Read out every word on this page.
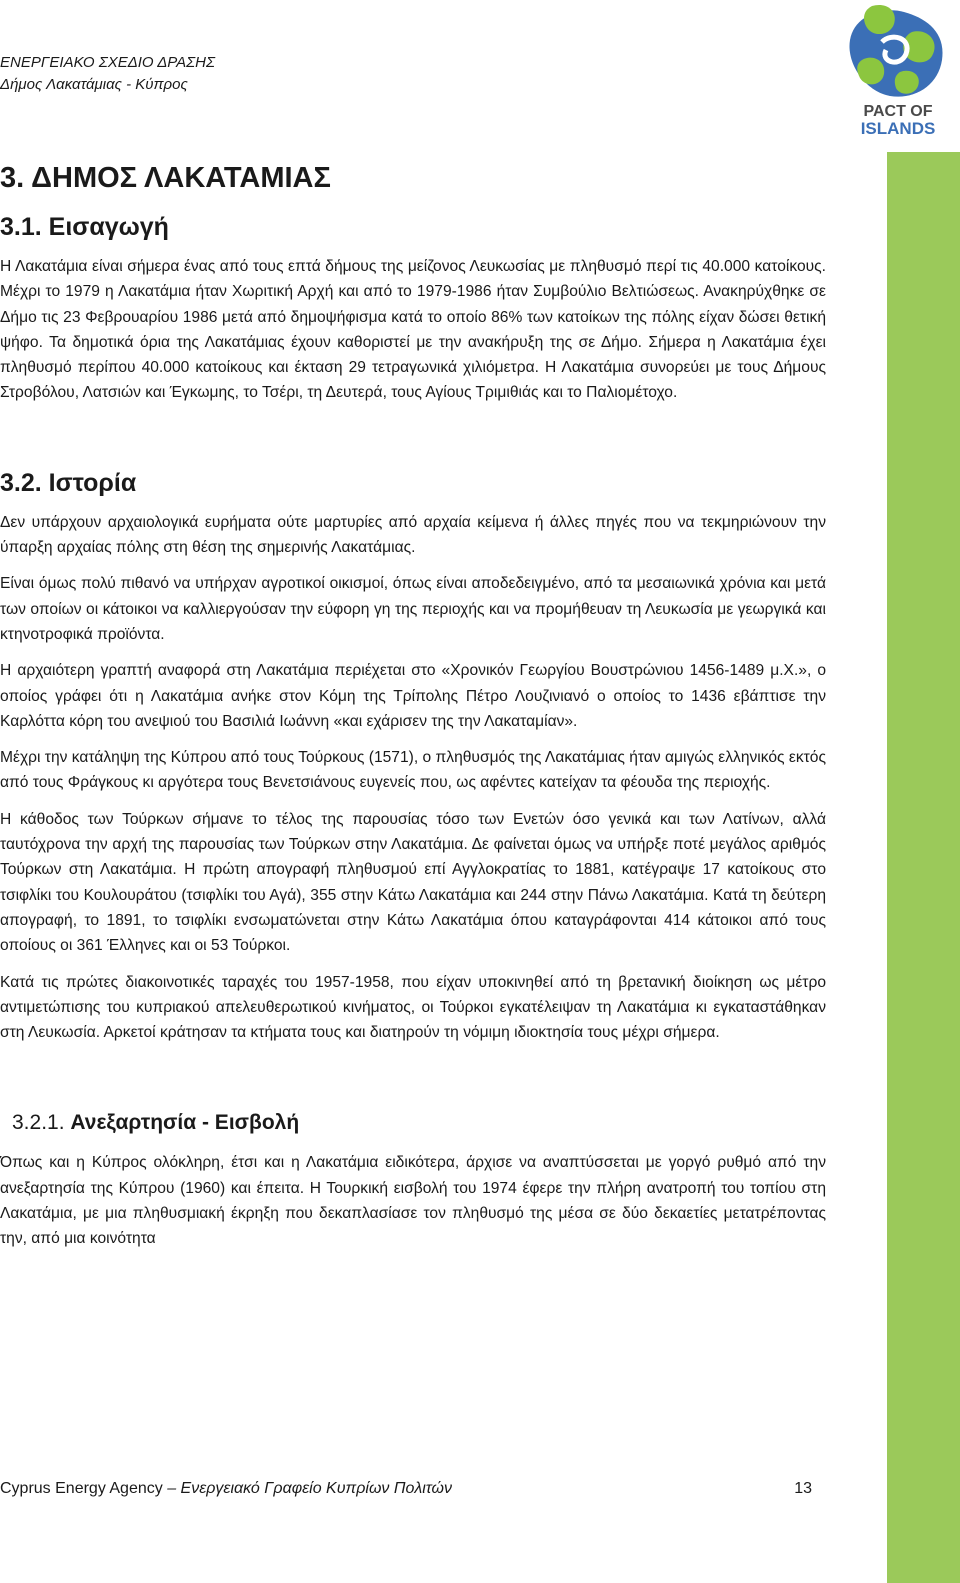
ΕΝΕΡΓΕΙΑΚΟ ΣΧΕΔΙΟ ΔΡΑΣΗΣ
Δήμος Λακατάμιας - Κύπρος
PACT OF
ISLANDS
3. ΔΗΜΟΣ ΛΑΚΑΤΑΜΙΑΣ
3.1. Εισαγωγή

Η Λακατάμια είναι σήμερα ένας από τους επτά δήμους της μείζονος Λευκωσίας με πληθυσμό περί τις 40.000 κατοίκους. Μέχρι το 1979 η Λακατάμια ήταν Χωριτική Αρχή και από το 1979-1986 ήταν Συμβούλιο Βελτιώσεως. Ανακηρύχθηκε σε Δήμο τις 23 Φεβρουαρίου 1986 μετά από δημοψήφισμα κατά το οποίο 86% των κατοίκων της πόλης είχαν δώσει θετική ψήφο. Τα δημοτικά όρια της Λακατάμιας έχουν καθοριστεί με την ανακήρυξη της σε Δήμο. Σήμερα η Λακατάμια έχει πληθυσμό περίπου 40.000 κατοίκους και έκταση 29 τετραγωνικά χιλιόμετρα. Η Λακατάμια συνορεύει με τους Δήμους Στροβόλου, Λατσιών και Έγκωμης, το Τσέρι, τη Δευτερά, τους Αγίους Τριμιθιάς και το Παλιομέτοχο.

3.2. Ιστορία

Δεν υπάρχουν αρχαιολογικά ευρήματα ούτε μαρτυρίες από αρχαία κείμενα ή άλλες πηγές που να τεκμηριώνουν την ύπαρξη αρχαίας πόλης στη θέση της σημερινής Λακατάμιας.

Είναι όμως πολύ πιθανό να υπήρχαν αγροτικοί οικισμοί, όπως είναι αποδεδειγμένο, από τα μεσαιωνικά χρόνια και μετά των οποίων οι κάτοικοι να καλλιεργούσαν την εύφορη γη της περιοχής και να προμήθευαν τη Λευκωσία με γεωργικά και κτηνοτροφικά προϊόντα.

Η αρχαιότερη γραπτή αναφορά στη Λακατάμια περιέχεται στο «Χρονικόν Γεωργίου Βουστρώνιου 1456-1489 μ.Χ.», ο οποίος γράφει ότι η Λακατάμια ανήκε στον Κόμη της Τρίπολης Πέτρο Λουζινιανό ο οποίος το 1436 εβάπτισε την Καρλόττα κόρη του ανεψιού του Βασιλιά Ιωάννη «και εχάρισεν της την Λακαταμίαν».

Μέχρι την κατάληψη της Κύπρου από τους Τούρκους (1571), ο πληθυσμός της Λακατάμιας ήταν αμιγώς ελληνικός εκτός από τους Φράγκους κι αργότερα τους Βενετσιάνους ευγενείς που, ως αφέντες κατείχαν τα φέουδα της περιοχής.

Η κάθοδος των Τούρκων σήμανε το τέλος της παρουσίας τόσο των Ενετών όσο γενικά και των Λατίνων, αλλά ταυτόχρονα την αρχή της παρουσίας των Τούρκων στην Λακατάμια. Δε φαίνεται όμως να υπήρξε ποτέ μεγάλος αριθμός Τούρκων στη Λακατάμια. Η πρώτη απογραφή πληθυσμού επί Αγγλοκρατίας το 1881, κατέγραψε 17 κατοίκους στο τσιφλίκι του Κουλουράτου (τσιφλίκι του Αγά), 355 στην Κάτω Λακατάμια και 244 στην Πάνω Λακατάμια. Κατά τη δεύτερη απογραφή, το 1891, το τσιφλίκι ενσωματώνεται στην Κάτω Λακατάμια όπου καταγράφονται 414 κάτοικοι από τους οποίους οι 361 Έλληνες και οι 53 Τούρκοι.

Κατά τις πρώτες διακοινοτικές ταραχές του 1957-1958, που είχαν υποκινηθεί από τη βρετανική διοίκηση ως μέτρο αντιμετώπισης του κυπριακού απελευθερωτικού κινήματος, οι Τούρκοι εγκατέλειψαν τη Λακατάμια κι εγκαταστάθηκαν στη Λευκωσία. Αρκετοί κράτησαν τα κτήματα τους και διατηρούν τη νόμιμη ιδιοκτησία τους μέχρι σήμερα.

3.2.1. Ανεξαρτησία - Εισβολή

Όπως και η Κύπρος ολόκληρη, έτσι και η Λακατάμια ειδικότερα, άρχισε να αναπτύσσεται με γοργό ρυθμό από την ανεξαρτησία της Κύπρου (1960) και έπειτα. Η Τουρκική εισβολή του 1974 έφερε την πλήρη ανατροπή του τοπίου στη Λακατάμια, με μια πληθυσμιακή έκρηξη που δεκαπλασίασε τον πληθυσμό της μέσα σε δύο δεκαετίες μετατρέποντας την, από μια κοινότητα

Cyprus Energy Agency – Ενεργειακό Γραφείο Κυπρίων Πολιτών	13
